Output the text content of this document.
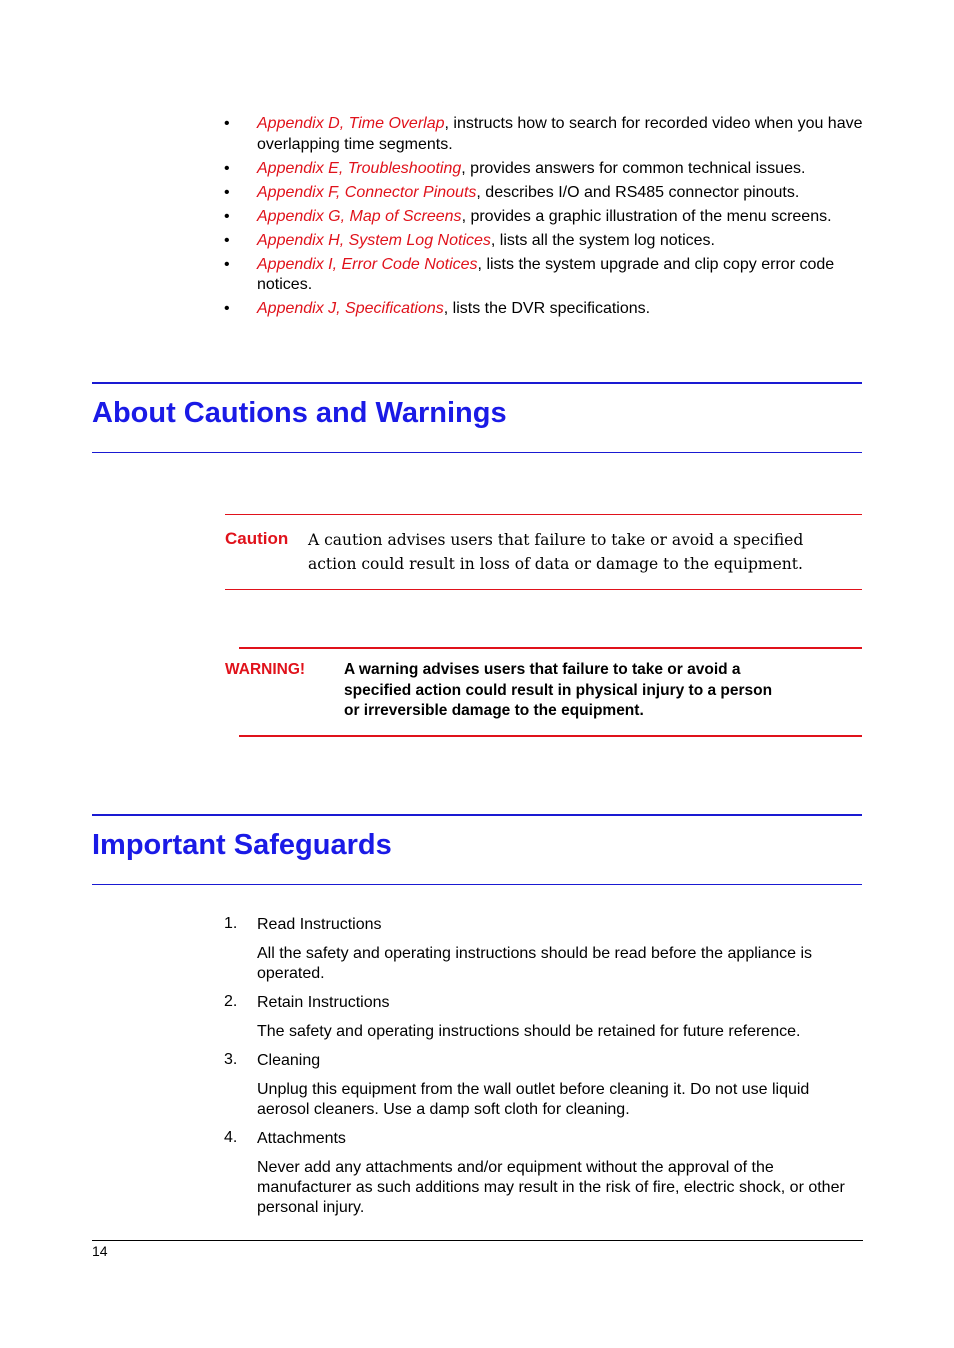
• Appendix D, Time Overlap, instructs how to search for recorded video when you have overlapping time segments.
• Appendix E, Troubleshooting, provides answers for common technical issues.
• Appendix F, Connector Pinouts, describes I/O and RS485 connector pinouts.
• Appendix G, Map of Screens, provides a graphic illustration of the menu screens.
• Appendix H, System Log Notices, lists all the system log notices.
• Appendix I, Error Code Notices, lists the system upgrade and clip copy error code notices.
• Appendix J, Specifications, lists the DVR specifications.
About Cautions and Warnings
Caution A caution advises users that failure to take or avoid a specified action could result in loss of data or damage to the equipment.
WARNING!	A warning advises users that failure to take or avoid a specified action could result in physical injury to a person or irreversible damage to the equipment.
Important Safeguards
1. Read Instructions
All the safety and operating instructions should be read before the appliance is operated.
2. Retain Instructions
The safety and operating instructions should be retained for future reference.
3. Cleaning
Unplug this equipment from the wall outlet before cleaning it. Do not use liquid aerosol cleaners. Use a damp soft cloth for cleaning.
4. Attachments
Never add any attachments and/or equipment without the approval of the manufacturer as such additions may result in the risk of fire, electric shock, or other personal injury.
14
